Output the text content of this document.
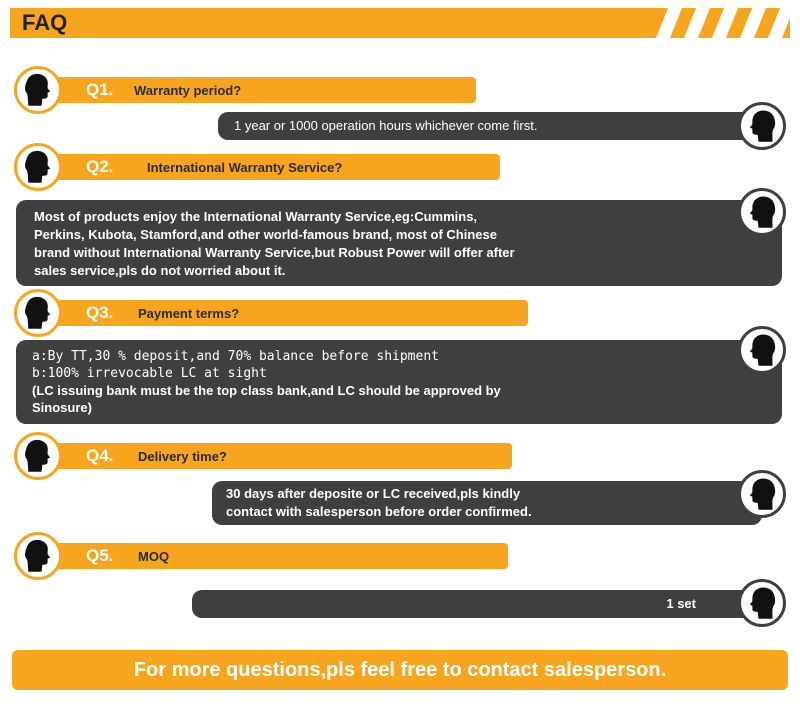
FAQ
Q1. Warranty period?
1 year or 1000 operation hours whichever come first.
Q2.	International Warranty Service?
Most of products enjoy the International Warranty Service,eg:Cummins,
Perkins, Kubota, Stamford,and other world-famous brand, most of Chinese
brand without International Warranty Service,but Robust Power will offer after
sales service,pls do not worried about it.
Q3. Payment terms?
a:By TT,30 % deposit,and 70% balance before shipment
b:100% irrevocable LC at sight
(LC issuing bank must be the top class bank,and LC should be approved by
Sinosure)
Q4. Delivery time?
30 days after deposite or LC received,pls kindly
contact with salesperson before order confirmed.
Q5. MOQ
1 set
For more questions,pls feel free to contact salesperson.
